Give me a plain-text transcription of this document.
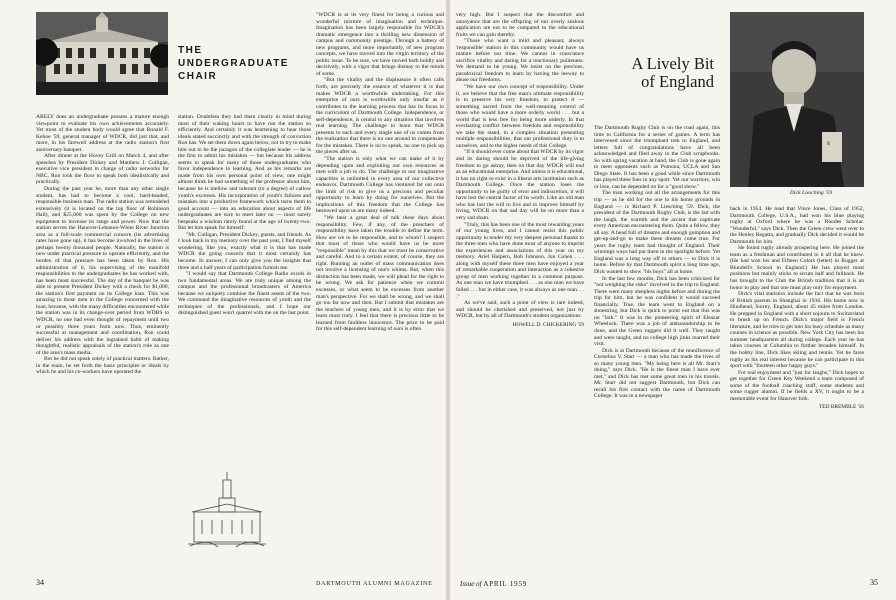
THE
UNDERGRADUATE
CHAIR

ARELY does an undergraduate possess a mature enough viewpoint to evaluate his own achievements accurately. Yet most of the student body would agree that Ronald F. Kehoe '59, general manager of WDCR, did just that, and more, in his farewell address at the radio station's first anniversary banquet.

After dinner at the Hovey Grill on March 4, and after speeches by President Dickey and Matthew J. Culligan, executive vice president in charge of radio networks for NBC, Ron took the floor to speak both idealistically and practically.

During the past year he, more than any other single student, has had to become a cool, hard-headed, responsible business man. The radio station was remodeled extensively (it is located on the top floor of Robinson Hall), and $25,000 was spent by the College on new equipment to increase its range and power. Now that the station serves the Hanover-Lebanon-White River Junction area as a full-scale commercial concern (its advertising rates have gone up), it has become involved in the lives of perhaps twenty thousand people. Naturally, the station is now under practical pressure to operate efficiently, and the burden of that pressure has been taken by Ron. His administration of it, his supervising of the manifold responsibilities to the undergraduates he has worked with, has been most successful. The day of the banquet he was able to present President Dickey with a check for $1,000, the station's first payment on its College loan. This was amazing to those men in the College concerned with the loan, because, with the many difficulties encountered while the station was in its change-over period from WDBS to WDCR, no one had even thought of repayment until two or possibly three years from now. Thus, eminently successful at management and coordination, Ron could deliver his address with the ingrained habit of making thoughtful, realistic appraisals of the station's role as one of the area's mass media.

But he did not speak solely of practical matters. Rather, in the main, he set forth the basic principles or ideals by which he and his co-workers have operated the

station. Doubtless they had them clearly in mind during most of their waking hours to have run the station so efficiently. And certainly it was heartening to hear those ideals stated succinctly and with the strength of conviction Ron has. We set them down again below, not to try to make him out to be the paragon of the collegiate leader — he is the first to admit his mistakes — but because his address seems to speak for many of those undergraduates who favor independence in learning. And as his remarks are made from his own personal point of view, one might almost think he had something of the professor about him, because he is mellow and tolerant (to a degree) of callow youth's excesses. His incorporation of youth's failures and mistakes into a productive framework which turns them to good account — into an education about aspects of life undergraduates are sure to meet later on — most surely bespeaks a wisdom rarely found at the age of twenty-two. But let him speak for himself:

"Mr. Culligan, President Dickey, guests, and friends. As I look back in my memory over the past year, I find myself wondering, like you, exactly what it is that has made WDCR the going concern that it most certainly has become. In answer, I can only give you the insights that three and a half years of participation furnish me.

"I would say that Dartmouth College Radio excels in two fundamental areas. We are truly unique among the campus and the professional broadcasters of America because we uniquely combine the finest assets of the two. We command the imaginative resources of youth and the techniques of the professionals, and I hope our distinguished guest won't quarrel with me on the last point.

34	DARTMOUTH ALUMNI MAGAZINE

"WDCR is at its very finest for being a curious and wonderful mixture of imagination and technique. Imagination has been largely responsible for WDCR's dramatic emergence into a thrilling new dimension of campus and community prestige. Through a battery of new programs, and more importantly, of new program concepts, we have moved into the virgin territory of the public issue. To be sure, we have moved both boldly and decisively, with a vigor that brings dismay to the minds of some.

"But the vitality and the displeasure it often calls forth, are precisely the essence of whatever it is that makes WDCR a worthwhile undertaking. For this enterprise of ours is worthwhile only insofar as it contributes to the learning process that has its focus in the curriculum of Dartmouth College. Independence, or self-dependence, is central to any situation that involves real learning. The challenge to learn that WDCR presents to each and every single one of us comes from the realization that there is no one around to compensate for the mistakes. There is no to speak, no one to pick up the pieces after us.

"The station is only what we can make of it by depending upon and exploiting our own resources as men with a job to do. The challenge to our imaginative capacities is unlimited in every area of our collective endeavor. Dartmouth College has ventured far out onto the limb of risk to give us a precious and peculiar opportunity to learn by doing for ourselves. But the implications of this freedom that the College has bestowed upon us are many indeed.

"We bear a great deal of talk these days about responsibility. Few, if any, of the preachers of responsibility have taken the trouble to define the term. How are we to be responsible, and to whom? I suspect that most of those who would have us be more "responsible" mean by this that we must be conservative and careful. And to a certain extent, of course, they are right. Running an outlet of mass communication does not involve a licensing of one's whims. But, when this distinction has been made, we will plead for the right to be wrong. We ask for patience when we commit excesses, or what seem to be excesses from another man's perspective. For we shall be wrong, and we shall go too far now and then. But I submit that mistakes are the teachers of young men, and it is by error that we learn most truly. I feel that there is precious little to be learned from faultless innocence. The price to be paid for this self-dependent learning of ours is often

very high. But I suspect that the discomfort and annoyance that are the offspring of our overly zealous application are not to be compared to the educational fruits we can gain thereby.

"Those who want a mild and pleasant, always 'responsible' station in this community would have us mature before our time. We cannot in conscience sacrifice vitality and daring for a reactionary politeness. We demand to be young. We insist on the precious, paradoxical freedom to learn by having the leeway to abuse our freedoms.

"We have our own concept of responsibility. Under it, we believe that the free man's ultimate responsibility is to preserve his very freedom, to protect it — something sacred from the well-meaning control of those who would have a more orderly world . . . but a world that is less free for being more orderly. In that everlasting conflict between freedom and responsibility we take the stand, in a complex situation presenting multiple responsibilities, that our professional duty is to ourselves, and to the higher needs of this College.

"If it should ever come about that WDCR by its vigor and its daring should be deprived of the life-giving freedom to go astray, then on that day WDCR will end as an educational enterprise. And unless it is educational, it has no right to exist in a liberal arts institution such as Dartmouth College. Once the station loses the opportunity to be guilty of error and indiscretion, it will have lost the central factor of its worth. Like an old man who has lost the will to live and to improve himself by living, WDCR on that sad day will be no more than a very sad sham.

"Truly, this has been one of the most rewarding years of our young lives, and I cannot resist this public opportunity to tender my very deepest personal thanks to the three men who have done most of anyone to imprint the experiences and associations of this year on my memory. Ariel Halpern, Bob Johnson, Jon Cohen . . . along with myself these three men have enjoyed a year of remarkable cooperation and interaction as a cohesive group of men working together in a common purpose. As one man we have triumphed . . . as one man we have failed . . . but in either case, it was always as one man. . . ."

As we've said, such a point of view is rare indeed, and should be cherished and preserved, not just by WDCR, but by all of Dartmouth's student organizations.

HOWELL D. CHICKERING '59
A Lively Bit
of England

The Dartmouth Rugby Club is on the road again, this time to California for a series of games. A term has intervened since the triumphant trek to England, and letters full of congratulations have all been acknowledged and filed away in the Club scrapbooks. So with spring vacation at hand, the Club is gone again to meet opponents such as Pomona, UCLA and San Diego State. It has been a good while since Dartmouth has played these foes in any sport. Yet our warriors, win or lose, can be depended on for a "good show."

The man working out all the arrangements for this trip — as he did for the one to his home grounds in England — is Richard P. Liesching '59. Dick, the president of the Dartmouth Rugby Club, is the lad with the laugh, the warmth and the accent that captivate every American encountering them. Quite a fellow, they all say. A head full of dreams and enough gumption and get-up-and-go to make these dreams come true. For years the rugby team had thought of England. Their winnings ways had put them in the spotlight before. Yet England was a long way off to others — to Dick it is home. Before by that Dartmouth spirit a long time ago, Dick wanted to show "his boys" all at home.

In the last few months, Dick has been criticized for "not weighing the risks" involved in the trip to England. There were many sleepless nights before and during the trip for him, but he was confident it would succeed financially. True, the team went to England on a shoestring, but Dick is quick to point out that this was no "lark." It was in the pioneering spirit of Eleazar Wheelock. There was a job of ambassadorship to be done, and the Green ruggers did it well. They taught and were taught, and no college high jinks marred their visit.

Dick is at Dartmouth because of the munificence of Cornelius V. Starr — a man who has made the lives of so many young men. "My being here is all Mr. Starr's doing," says Dick. "He is the finest man I have ever met," and Dick has met some great men in his travels. Mr. Starr did not suggest Dartmouth, but Dick can recall his first contact with the name of Dartmouth College. It was in a newspaper

|||
Dick Liesching '59

back in 1954. He read that Vince Jones, Class of 1952, Dartmouth College, U.S.A., had won his blue playing rugby at Oxford where he was a Rhodes Scholar. "Wonderful," says Dick. Then the Green crew went over to the Henley Regatta, and gradually Dick decided it would be Dartmouth for him.

He found rugby already prospering here. He joined the team as a freshman and contributed to it all that he knew. (He had won his and Fifteen Colors (letter) in Rugger at Blundell's School in England.) He has played most positions but mainly sticks to scrum half and fullback. He has brought to the Club the British tradition that it is an honor to play and that one must play only for enjoyment.

Dick's vital statistics include the fact that he was born of British parents in Shanghai in 1936. His home now is Hindhead, Surrey, England, about 45 miles from London. He prepped in England with a short sojourn to Switzerland to brush up on French. Dick's major field is French literature, and he tries to get into his busy schedule as many courses in science as possible. New York City has been his summer headquarters all during college. Each year he has taken courses at Columbia to further broaden himself. In the hobby line, Dick likes skiing and tennis. Yet he fares rugby as his real interest because he can participate in this sport with "fourteen other happy guys."

For real enjoyment and "just for laughs," Dick hopes to get together for Green Key Weekend a team composed of some of the football coaching staff, some students and some rugger alumni. If he fields a XV, it ought to be a memorable event for Hanover folk.

TED BREMBLE '56
Issue of APRIL 1959	35
